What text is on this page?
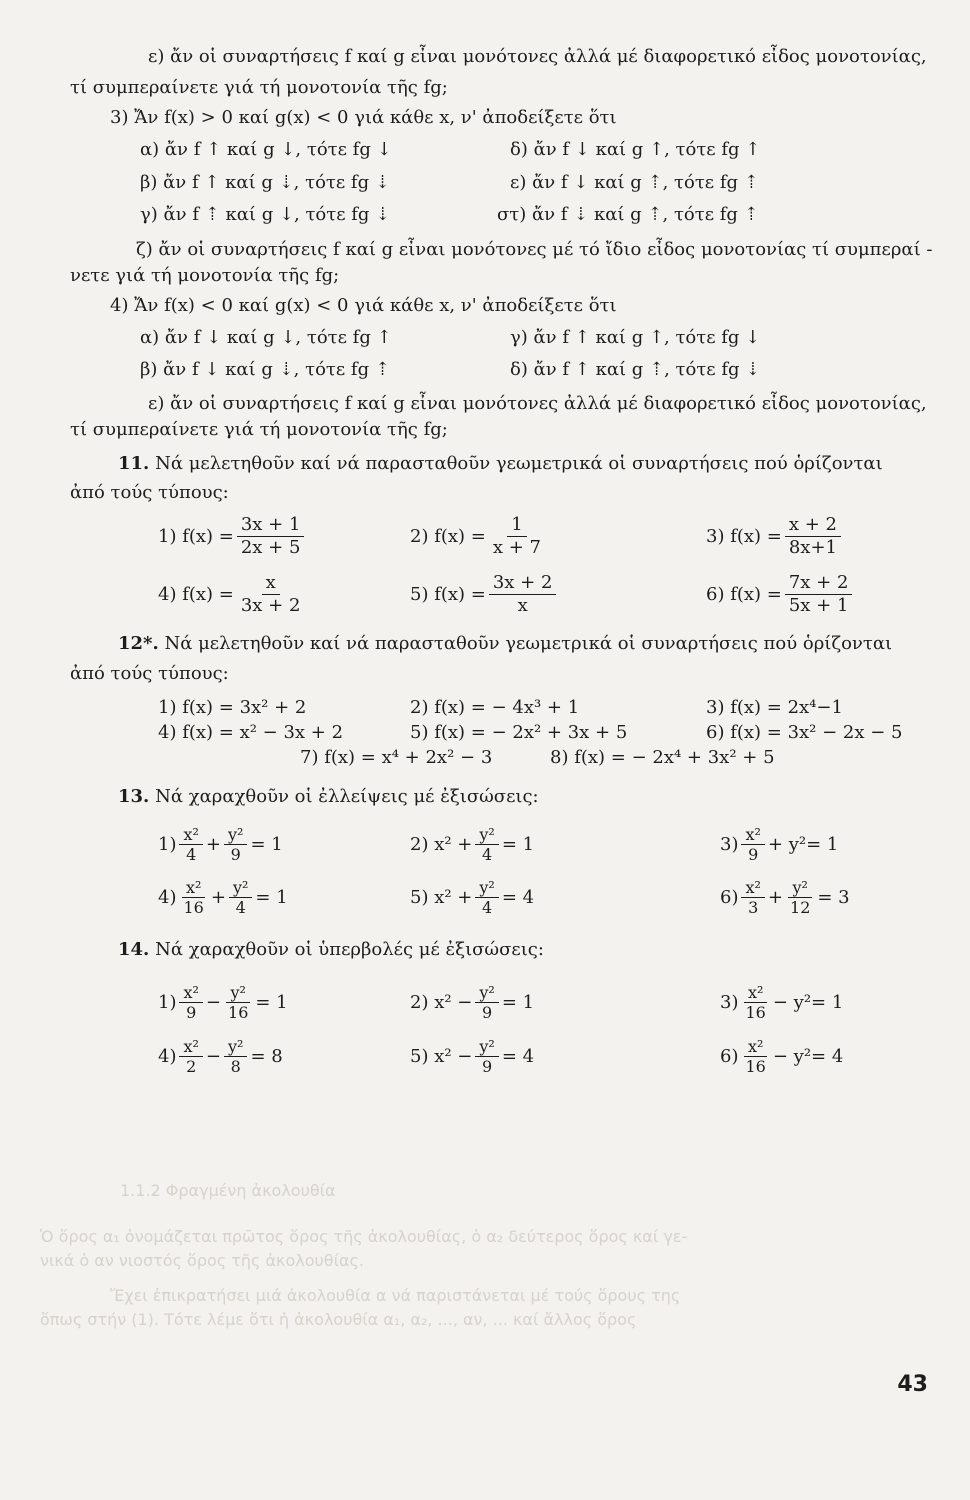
1.1.2 Φραγμένη ἀκολουθία
Ὁ ὅρος α₁ ὀνομάζεται πρῶτος ὅρος τῆς ἀκολουθίας, ὁ α₂ δεύτερος ὅρος καί γε-
νικά ὁ αν νιοστός ὅρος τῆς ἀκολουθίας.
Ἔχει ἐπικρατήσει μιά ἀκολουθία α νά παριστάνεται μέ τούς ὅρους της
ὅπως στήν (1). Τότε λέμε ὅτι ἡ ἀκολουθία α₁, α₂, ..., αν, ... καί ἄλλος ὅρος
ε) ἄν οἱ συναρτήσεις f καί g εἶναι μονότονες ἀλλά μέ διαφορετικό εἶδος μονοτονίας,
τί συμπεραίνετε γιά τή μονοτονία τῆς fg;
3) Ἄν f(x) > 0 καί g(x) < 0 γιά κάθε x, ν' ἀποδείξετε ὅτι
α) ἄν f ↑ καί g ↓, τότε fg ↓	δ) ἄν f ↓ καί g ↑, τότε fg ↑
β) ἄν f ↑ καί g ⇣, τότε fg ⇣	ε) ἄν f ↓ καί g ⇡, τότε fg ⇡
γ) ἄν f ⇡ καί g ↓, τότε fg ⇣	στ) ἄν f ⇣ καί g ⇡, τότε fg ⇡
ζ) ἄν οἱ συναρτήσεις f καί g εἶναι μονότονες μέ τό ἴδιο εἶδος μονοτονίας τί συμπεραί -
νετε γιά τή μονοτονία τῆς fg;
4) Ἄν f(x) < 0 καί g(x) < 0 γιά κάθε x, ν' ἀποδείξετε ὅτι
α) ἄν f ↓ καί g ↓, τότε fg ↑	γ) ἄν f ↑ καί g ↑, τότε fg ↓
β) ἄν f ↓ καί g ⇣, τότε fg ⇡	δ) ἄν f ↑ καί g ⇡, τότε fg ⇣
ε) ἄν οἱ συναρτήσεις f καί g εἶναι μονότονες ἀλλά μέ διαφορετικό εἶδος μονοτονίας,
τί συμπεραίνετε γιά τή μονοτονία τῆς fg;
11. Νά μελετηθοῦν καί νά παρασταθοῦν γεωμετρικά οἱ συναρτήσεις πού ὁρίζονται
ἀπό τούς τύπους:
1) $f(x) = \frac{3x + 1}{2x + 5}$	2) $f(x) = \frac{1}{x + 7}$	3) $f(x) = \frac{x + 2}{8x+1}$
4) $f(x) = \frac{x}{3x + 2}$	5) $f(x) = \frac{3x + 2}{x}$	6) $f(x) = \frac{7x + 2}{5x + 1}$
12*. Νά μελετηθοῦν καί νά παρασταθοῦν γεωμετρικά οἱ συναρτήσεις πού ὁρίζονται
ἀπό τούς τύπους:
1) f(x) = 3x² + 2	2) f(x) = − 4x³ + 1	3) f(x) = 2x⁴−1
4) f(x) = x² − 3x + 2	5) f(x) = − 2x² + 3x + 5	6) f(x) = 3x² − 2x − 5
7) f(x) = x⁴ + 2x² − 3	8) f(x) = − 2x⁴ + 3x² + 5
13. Νά χαραχθοῦν οἱ ἐλλείψεις μέ ἐξισώσεις:
$1) \frac{\text{x²}}{4} + \frac{\text{y²}}{9} = 1$	2) $x^2 + \frac{\text{y²}}{4} = 1$	$3) \frac{\text{x²}}{9} + y^2 = 1$
$4) \frac{\text{x²}}{16} + \frac{\text{y²}}{4} = 1$	5) $x^2 + \frac{\text{y²}}{4} = 4$	$6) \frac{\text{x²}}{3} + \frac{\text{y²}}{12} = 3$
14. Νά χαραχθοῦν οἱ ὑπερβολές μέ ἐξισώσεις:
$1) \frac{\text{x²}}{9} - \frac{\text{y²}}{16} = 1$	2) $x^2 - \frac{\text{y²}}{9} = 1$	$3) \frac{\text{x²}}{16} - y^2 = 1$
$4) \frac{\text{x²}}{2} - \frac{\text{y²}}{8} = 8$	5) $x^2 - \frac{\text{y²}}{9} = 4$	$6) \frac{\text{x²}}{16} - y^2 = 4$
43
